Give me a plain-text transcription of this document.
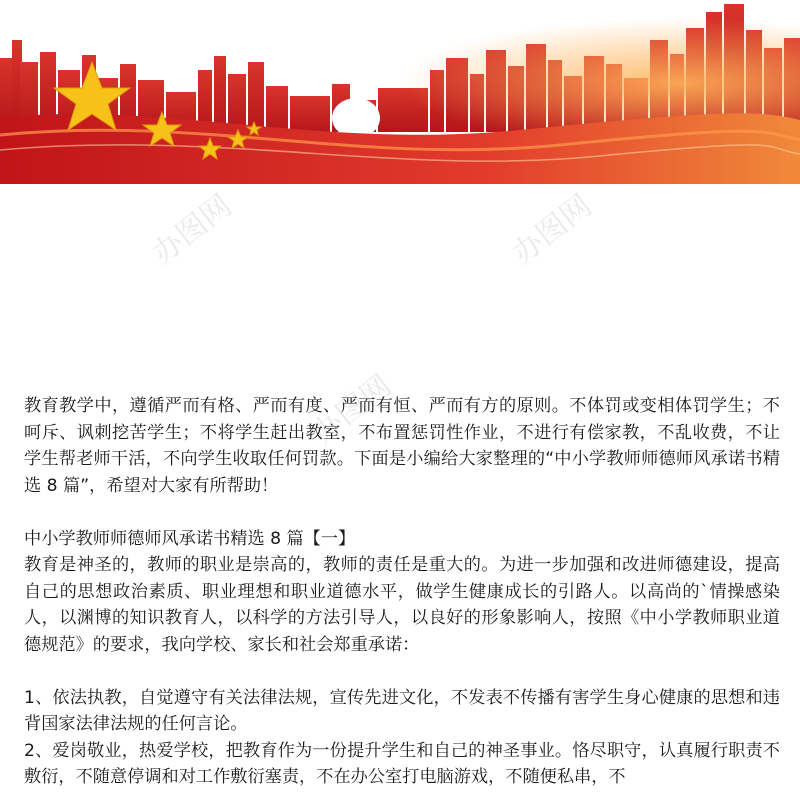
办图网	办图网
办图网

教育教学中，遵循严而有格、严而有度、严而有恒、严而有方的原则。不体罚或变相体罚学生；不呵斥、讽刺挖苦学生；不将学生赶出教室，不布置惩罚性作业，不进行有偿家教，不乱收费，不让学生帮老师干活，不向学生收取任何罚款。下面是小编给大家整理的“中小学教师师德师风承诺书精选 8 篇”，希望对大家有所帮助！

中小学教师师德师风承诺书精选 8 篇【一】

教育是神圣的，教师的职业是崇高的，教师的责任是重大的。为进一步加强和改进师德建设，提高自己的思想政治素质、职业理想和职业道德水平，做学生健康成长的引路人。以高尚的`情操感染人，以渊博的知识教育人，以科学的方法引导人，以良好的形象影响人，按照《中小学教师职业道德规范》的要求，我向学校、家长和社会郑重承诺：

1、依法执教，自觉遵守有关法律法规，宣传先进文化，不发表不传播有害学生身心健康的思想和违背国家法律法规的任何言论。

2、爱岗敬业，热爱学校，把教育作为一份提升学生和自己的神圣事业。恪尽职守，认真履行职责不敷衍，不随意停调和对工作敷衍塞责，不在办公室打电脑游戏，不随便私串，不
